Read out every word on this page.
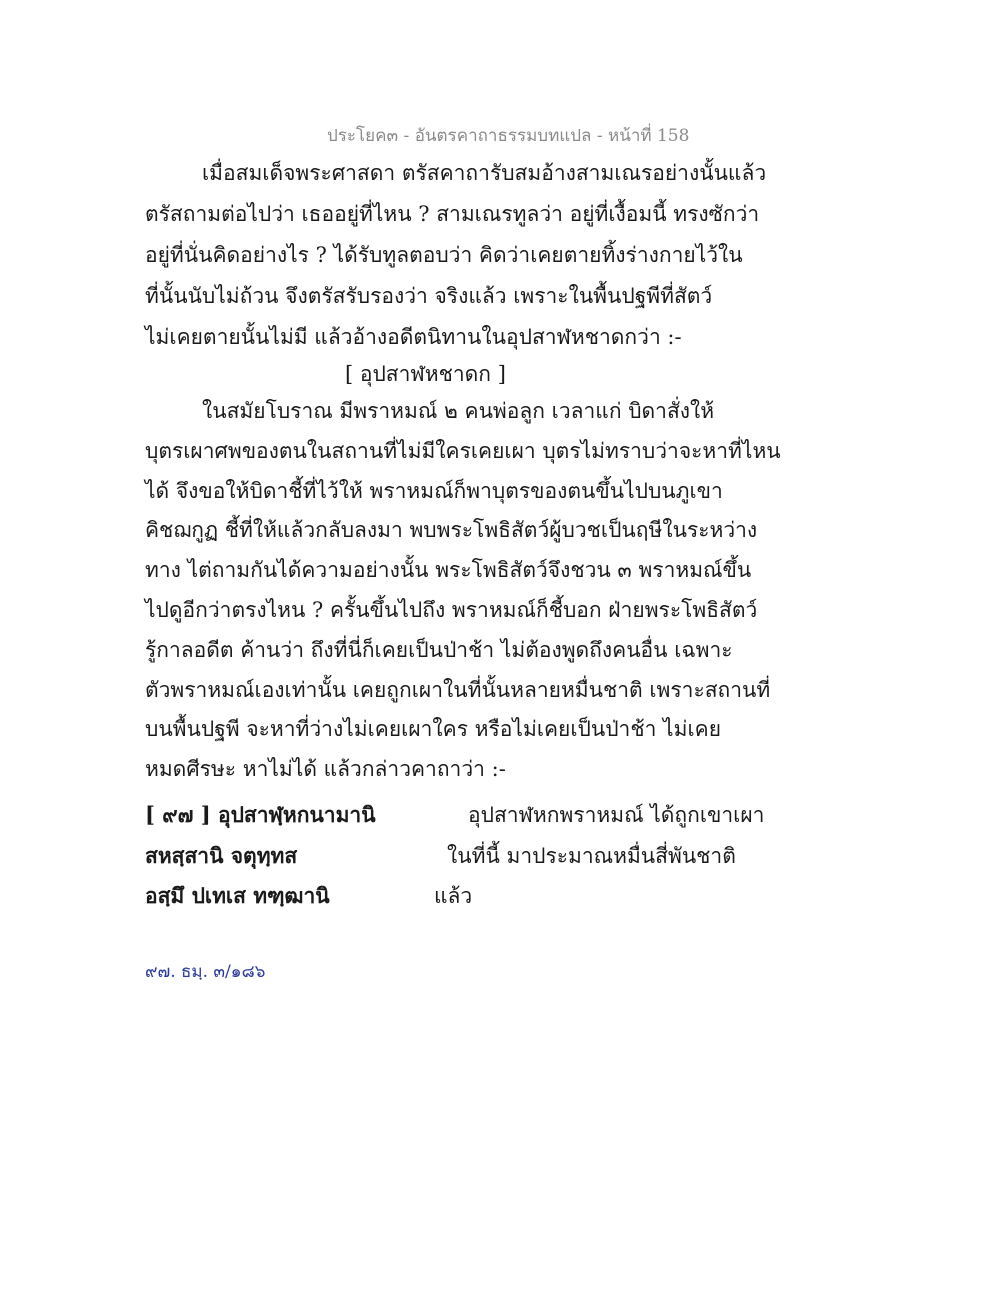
ประโยค๓ - อันตรคาถาธรรมบทแปล - หน้าที่ 158
เมื่อสมเด็จพระศาสดา ตรัสคาถารับสมอ้างสามเณรอย่างนั้นแล้ว
ตรัสถามต่อไปว่า เธออยู่ที่ไหน ? สามเณรทูลว่า อยู่ที่เงื้อมนี้ ทรงซักว่า
อยู่ที่นั่นคิดอย่างไร ? ได้รับทูลตอบว่า คิดว่าเคยตายทิ้งร่างกายไว้ใน
ที่นั้นนับไม่ถ้วน จึงตรัสรับรองว่า จริงแล้ว เพราะในพื้นปฐพีที่สัตว์
ไม่เคยตายนั้นไม่มี แล้วอ้างอดีตนิทานในอุปสาฬหชาดกว่า :-
[ อุปสาฬหชาดก ]
ในสมัยโบราณ มีพราหมณ์ ๒ คนพ่อลูก เวลาแก่ บิดาสั่งให้
บุตรเผาศพของตนในสถานที่ไม่มีใครเคยเผา บุตรไม่ทราบว่าจะหาที่ไหน
ได้ จึงขอให้บิดาชี้ที่ไว้ให้ พราหมณ์ก็พาบุตรของตนขึ้นไปบนภูเขา
คิชฌกูฏ ชี้ที่ให้แล้วกลับลงมา พบพระโพธิสัตว์ผู้บวชเป็นฤษีในระหว่าง
ทาง ไต่ถามกันได้ความอย่างนั้น พระโพธิสัตว์จึงชวน ๓ พราหมณ์ขึ้น
ไปดูอีกว่าตรงไหน ? ครั้นขึ้นไปถึง พราหมณ์ก็ชี้บอก ฝ่ายพระโพธิสัตว์
รู้กาลอดีต ค้านว่า ถึงที่นี่ก็เคยเป็นป่าช้า ไม่ต้องพูดถึงคนอื่น เฉพาะ
ตัวพราหมณ์เองเท่านั้น เคยถูกเผาในที่นั้นหลายหมื่นชาติ เพราะสถานที่
บนพื้นปฐพี จะหาที่ว่างไม่เคยเผาใคร หรือไม่เคยเป็นป่าช้า ไม่เคย
หมดศีรษะ หาไม่ได้ แล้วกล่าวคาถาว่า :-
[ ๙๗ ] อุปสาฬฺหกนามานิ	อุปสาฬหกพราหมณ์ ได้ถูกเขาเผา
สหสฺสานิ จตุทฺทส	ในที่นี้ มาประมาณหมื่นสี่พันชาติ
อสฺมึ ปเทเส ทฑฺฒานิ	แล้ว
๙๗. ธมฺ. ๓/๑๘๖
